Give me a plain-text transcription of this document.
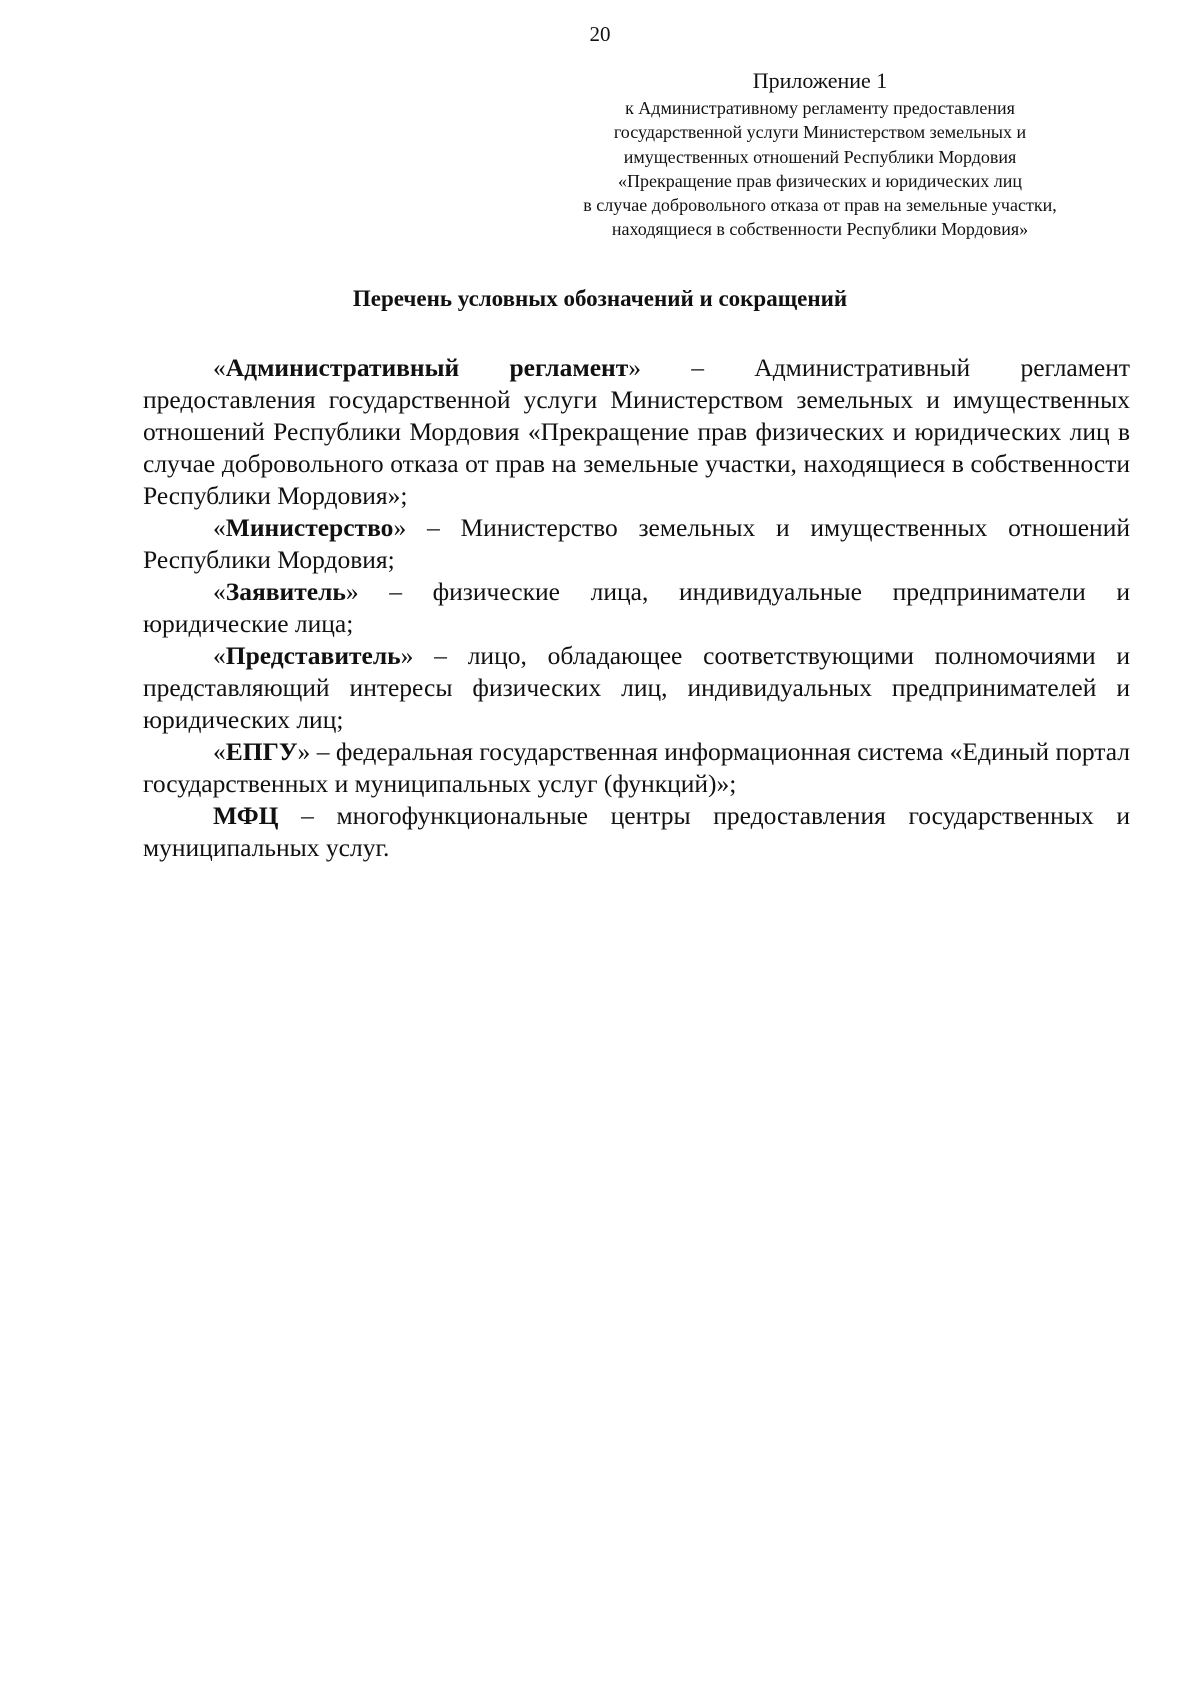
20
Приложение 1
к Административному регламенту предоставления
государственной услуги Министерством земельных и
имущественных отношений Республики Мордовия
«Прекращение прав физических и юридических лиц
в случае добровольного отказа от прав на земельные участки,
находящиеся в собственности Республики Мордовия»
Перечень условных обозначений и сокращений

«Административный регламент» – Административный регламент предоставления государственной услуги Министерством земельных и имущественных отношений Республики Мордовия «Прекращение прав физических и юридических лиц в случае добровольного отказа от прав на земельные участки, находящиеся в собственности Республики Мордовия»;

«Министерство» – Министерство земельных и имущественных отношений Республики Мордовия;

«Заявитель» – физические лица, индивидуальные предприниматели и юридические лица;

«Представитель» – лицо, обладающее соответствующими полномочиями и представляющий интересы физических лиц, индивидуальных предпринимателей и юридических лиц;

«ЕПГУ» – федеральная государственная информационная система «Единый портал государственных и муниципальных услуг (функций)»;

МФЦ – многофункциональные центры предоставления государственных и муниципальных услуг.
